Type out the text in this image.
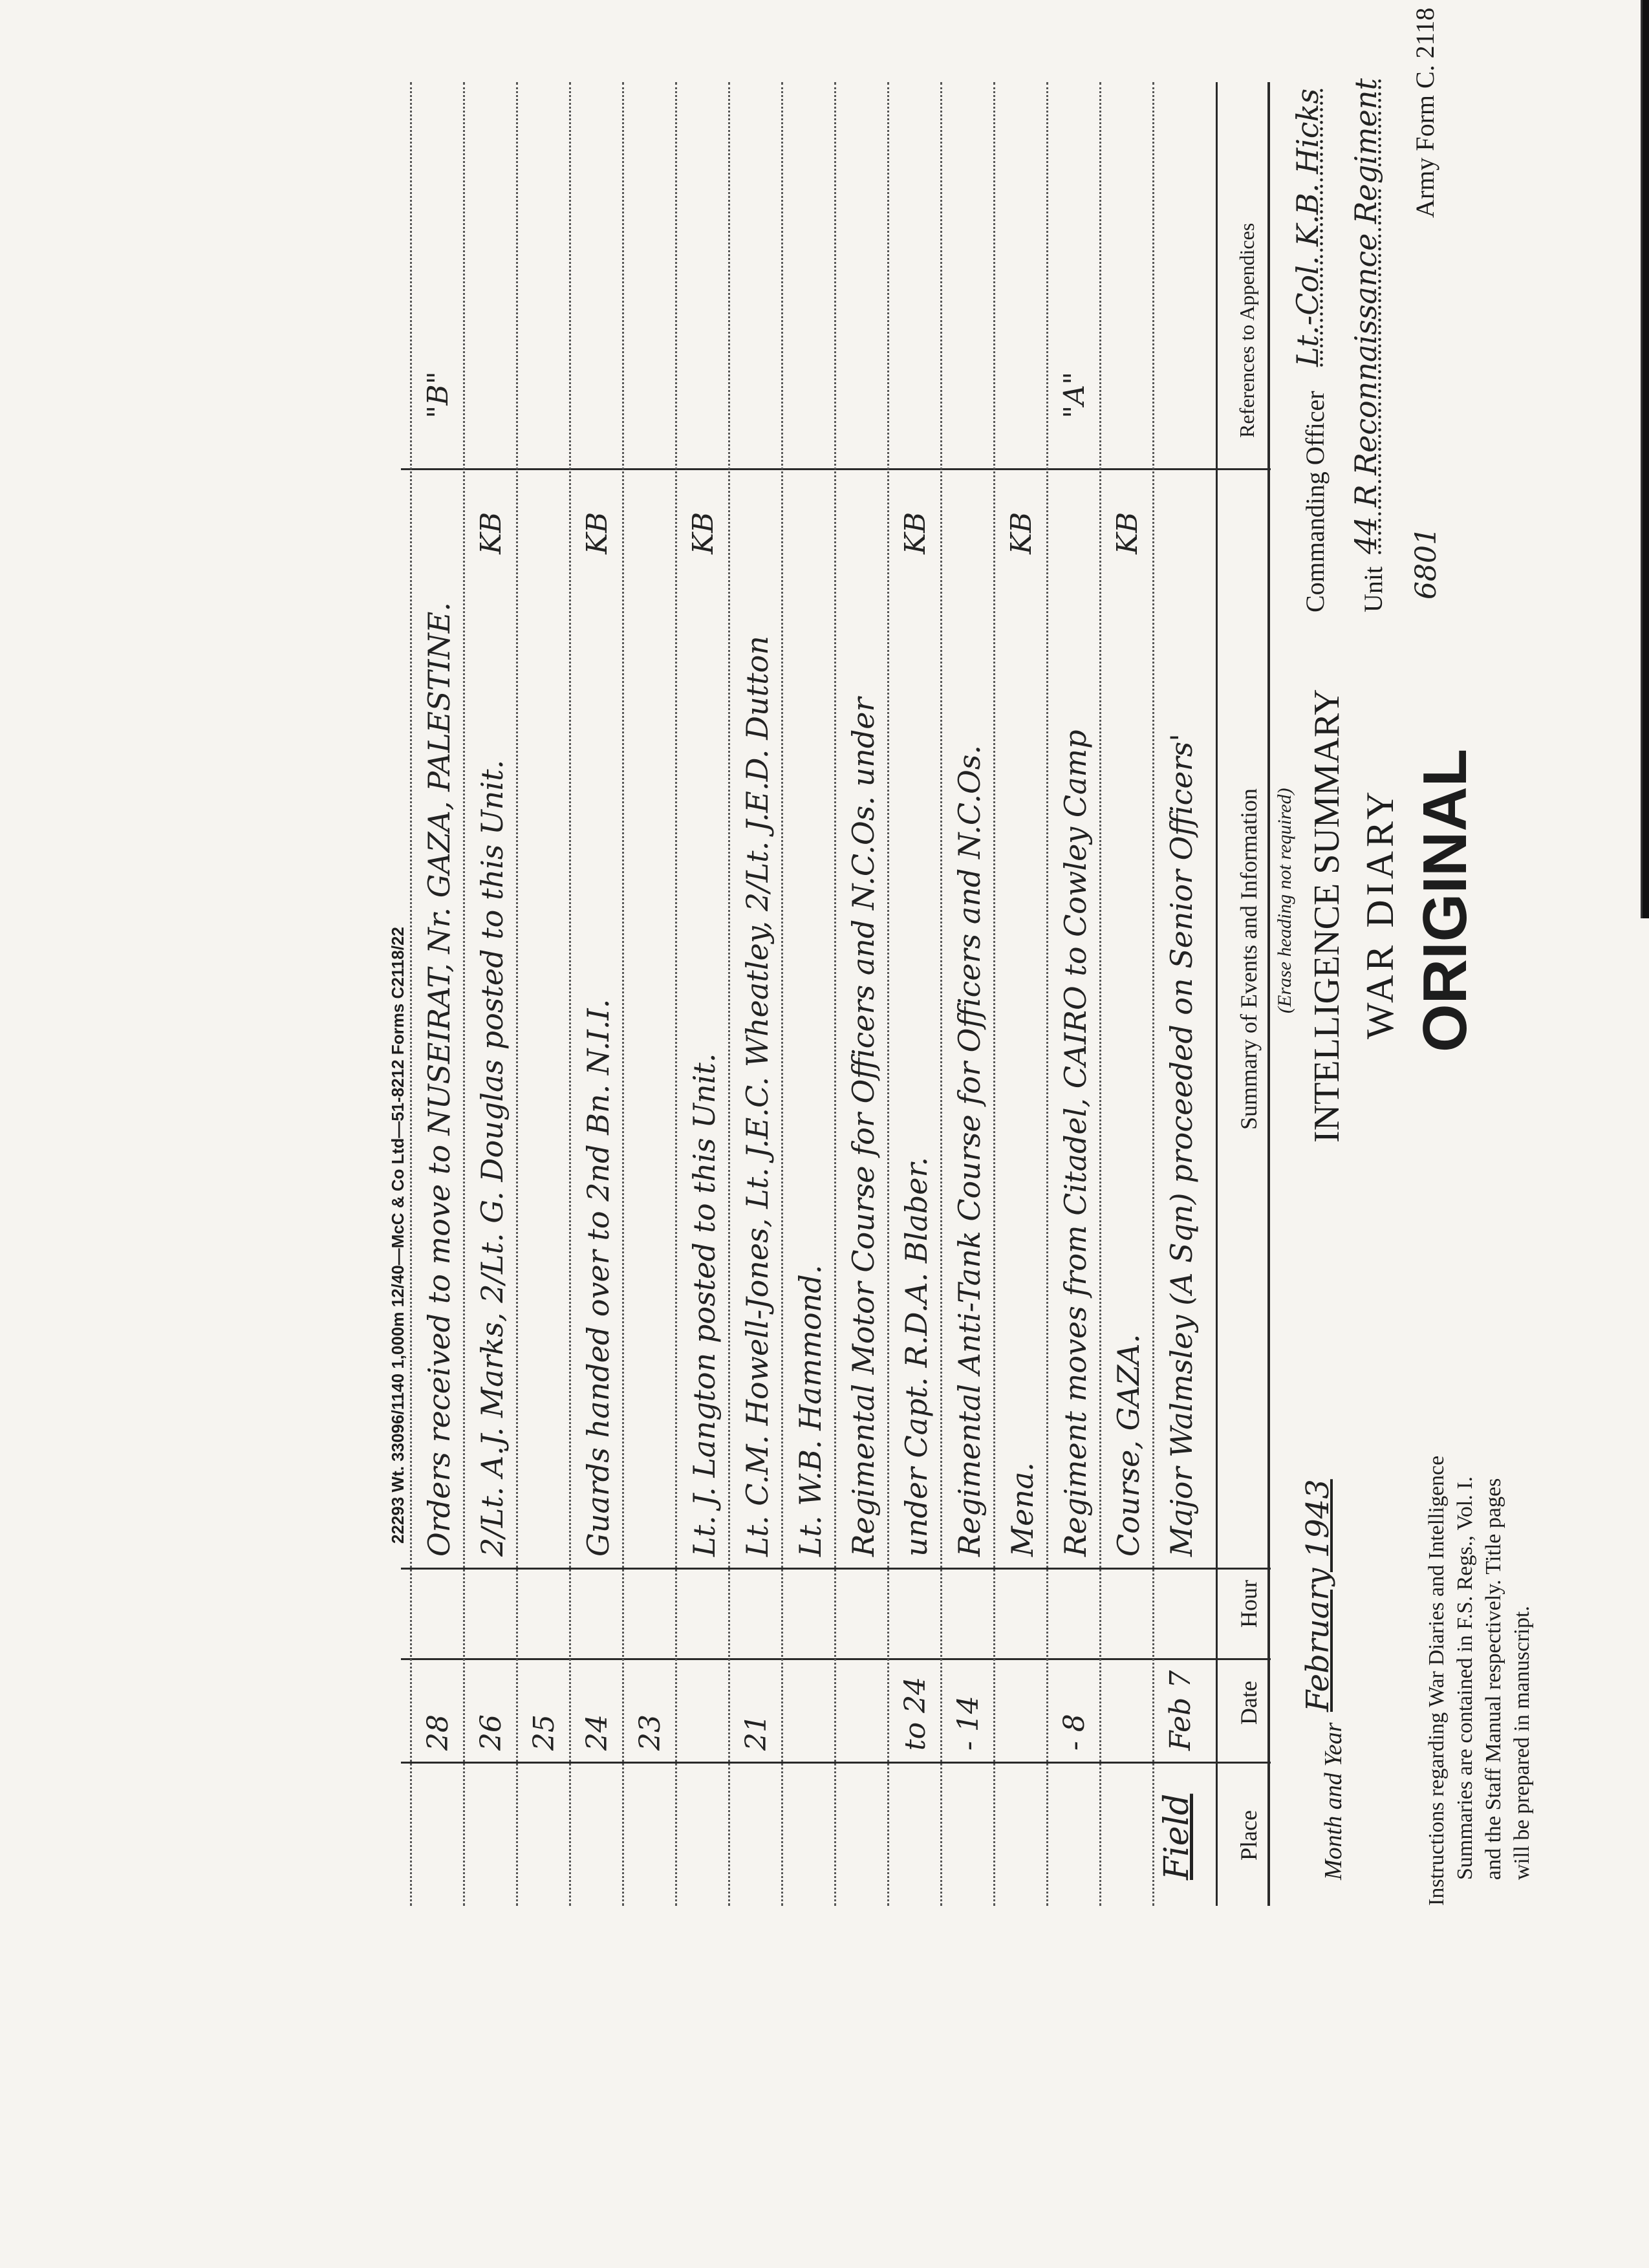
Instructions regarding War Diaries and Intelligence Summaries are contained in F.S. Regs., Vol. I. and the Staff Manual respectively. Title pages will be prepared in manuscript.
Month and Year
February 1943
ORIGINAL
WAR DIARY
INTELLIGENCE SUMMARY
(Erase heading not required)
6801
Army Form C. 2118
Unit
44 R Reconnaissance Regiment
Commanding Officer
Lt.-Col. K.B. Hicks
Place
Date
Hour
Summary of Events and Information
References to Appendices
Field
Feb 7
Major Walmsley (A Sqn) proceeded on Senior Officers'
Course, GAZA.
KB
- 8
Regiment moves from Citadel, CAIRO to Cowley Camp
"A"
Mena.
KB
- 14
Regimental Anti-Tank Course for Officers and N.C.Os.
to 24
under Capt. R.D.A. Blaber.
KB
Regimental Motor Course for Officers and N.C.Os. under
Lt. W.B. Hammond.
21
Lt. C.M. Howell-Jones, Lt. J.E.C. Wheatley, 2/Lt. J.E.D. Dutton
Lt. J. Langton posted to this Unit.
KB
23
24
Guards handed over to 2nd Bn. N.I.I.
KB
25
26
2/Lt. A.J. Marks, 2/Lt. G. Douglas posted to this Unit.
KB
28
Orders received to move to NUSEIRAT, Nr. GAZA, PALESTINE.
"B"
22293 Wt. 33096/1140 1,000m 12/40—McC & Co Ltd—51-8212 Forms C2118/22
